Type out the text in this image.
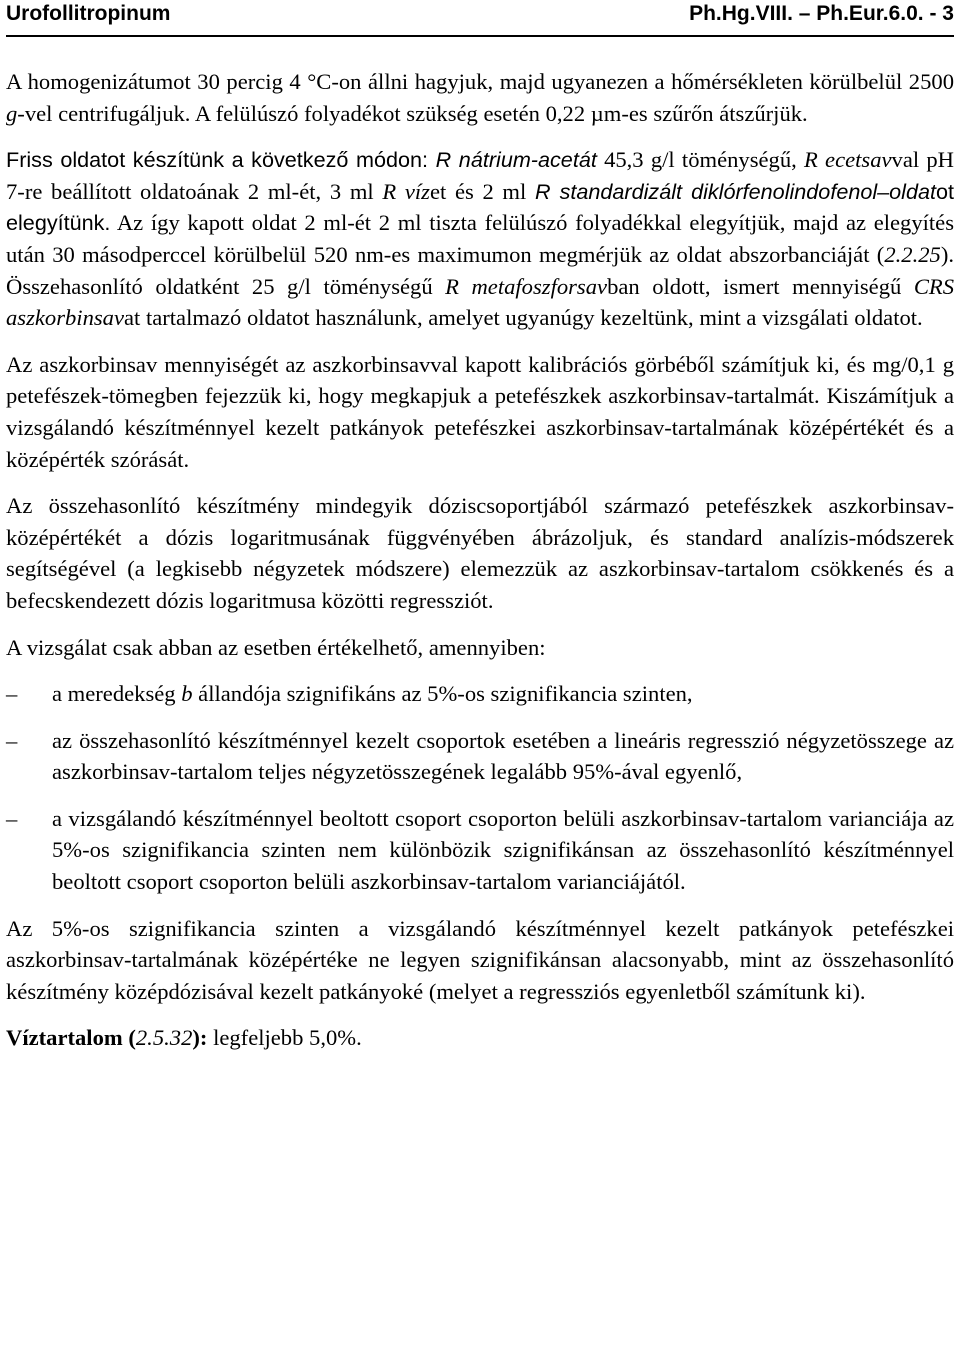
Urofollitropinum	Ph.Hg.VIII. – Ph.Eur.6.0. - 3

A homogenizátumot 30 percig 4 °C-on állni hagyjuk, majd ugyanezen a hőmérsékleten körülbelül 2500 g-vel centrifugáljuk. A felülúszó folyadékot szükség esetén 0,22 µm-es szűrőn átszűrjük.

Friss oldatot készítünk a következő módon: R nátrium-acetát 45,3 g/l töménységű, R ecetsavval pH 7-re beállított oldatoának 2 ml-ét, 3 ml R vízet és 2 ml R standardizált diklórfenolindofenol–oldatot elegyítünk. Az így kapott oldat 2 ml-ét 2 ml tiszta felülúszó folyadékkal elegyítjük, majd az elegyítés után 30 másodperccel körülbelül 520 nm-es maximumon megmérjük az oldat abszorbanciáját (2.2.25). Összehasonlító oldatként 25 g/l töménységű R metafoszforsavban oldott, ismert mennyiségű CRS aszkorbinsavat tartalmazó oldatot használunk, amelyet ugyanúgy kezeltünk, mint a vizsgálati oldatot.

Az aszkorbinsav mennyiségét az aszkorbinsavval kapott kalibrációs görbéből számítjuk ki, és mg/0,1 g petefészek-tömegben fejezzük ki, hogy megkapjuk a petefészkek aszkorbinsav-tartalmát. Kiszámítjuk a vizsgálandó készítménnyel kezelt patkányok petefészkei aszkorbinsav-tartalmának középértékét és a középérték szórását.

Az összehasonlító készítmény mindegyik dóziscsoportjából származó petefészkek aszkorbinsav-középértékét a dózis logaritmusának függvényében ábrázoljuk, és standard analízis-módszerek segítségével (a legkisebb négyzetek módszere) elemezzük az aszkorbinsav-tartalom csökkenés és a befecskendezett dózis logaritmusa közötti regressziót.

A vizsgálat csak abban az esetben értékelhető, amennyiben:

– a meredekség b állandója szignifikáns az 5%-os szignifikancia szinten,
– az összehasonlító készítménnyel kezelt csoportok esetében a lineáris regresszió négyzetösszege az aszkorbinsav-tartalom teljes négyzetösszegének legalább 95%-ával egyenlő,
– a vizsgálandó készítménnyel beoltott csoport csoporton belüli aszkorbinsav-tartalom varianciája az 5%-os szignifikancia szinten nem különbözik szignifikánsan az összehasonlító készítménnyel beoltott csoport csoporton belüli aszkorbinsav-tartalom varianciájától.

Az 5%-os szignifikancia szinten a vizsgálandó készítménnyel kezelt patkányok petefészkei aszkorbinsav-tartalmának középértéke ne legyen szignifikánsan alacsonyabb, mint az összehasonlító készítmény középdózisával kezelt patkányoké (melyet a regressziós egyenletből számítunk ki).

Víztartalom (2.5.32): legfeljebb 5,0%.
